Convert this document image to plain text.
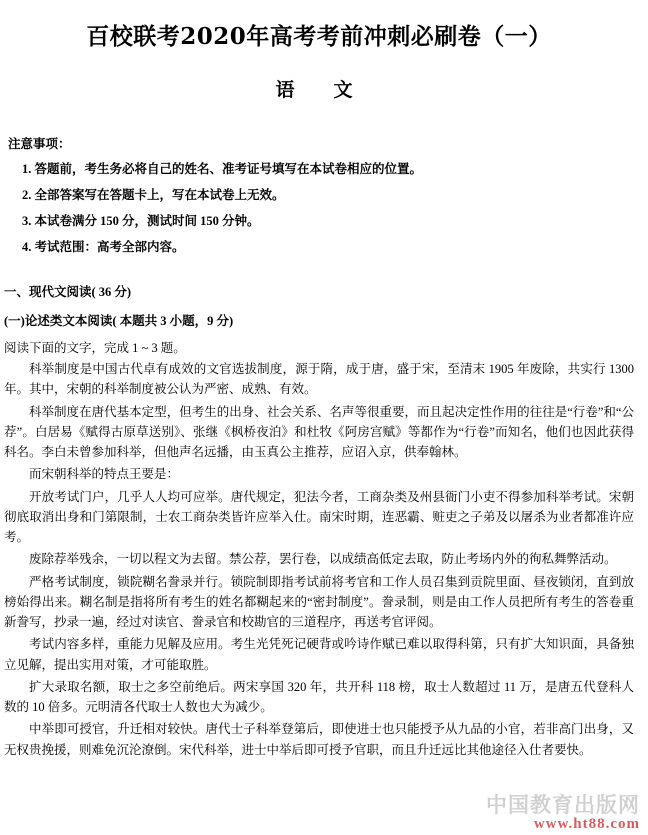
百校联考2020年高考考前冲刺必刷卷（一）
语　文
注意事项：
1. 答题前，考生务必将自己的姓名、准考证号填写在本试卷相应的位置。
2. 全部答案写在答题卡上，写在本试卷上无效。
3. 本试卷满分 150 分，测试时间 150 分钟。
4. 考试范围：高考全部内容。
一、现代文阅读( 36 分)
(一)论述类文本阅读( 本题共 3 小题，9 分)
阅读下面的文字，完成 1 ~ 3 题。

科举制度是中国古代卓有成效的文官选拔制度，源于隋，成于唐，盛于宋，至清末 1905 年废除，共实行 1300 年。其中，宋朝的科举制度被公认为严密、成熟、有效。

科举制度在唐代基本定型，但考生的出身、社会关系、名声等很重要，而且起决定性作用的往往是“行卷”和“公荐”。白居易《赋得古原草送别》、张继《枫桥夜泊》和杜牧《阿房宫赋》等都作为“行卷”而知名，他们也因此获得科名。李白未曾参加科举，但他声名远播，由玉真公主推荐，应诏入京，供奉翰林。

而宋朝科举的特点王要是：

开放考试门户，几乎人人均可应举。唐代规定，犯法今者，工商杂类及州县衙门小吏不得参加科举考试。宋朝彻底取消出身和门第限制，士农工商杂类皆许应举入仕。南宋时期，连恶霸、赃吏之子弟及以屠杀为业者都准许应考。

废除荐举残余，一切以程文为去留。禁公荐，罢行卷，以成绩高低定去取，防止考场内外的徇私舞弊活动。

严格考试制度，锁院糊名誊录并行。锁院制即指考试前将考官和工作人员召集到贡院里面、昼夜锁闭，直到放榜始得出来。糊名制是指将所有考生的姓名都糊起来的“密封制度”。誊录制，则是由工作人员把所有考生的答卷重新誊写，抄录一遍，经过对读官、誊录官和校勘官的三道程序，再送考官评阅。

考试内容多样，重能力见解及应用。考生光凭死记硬背或吟诗作赋已难以取得科第，只有扩大知识面，具备独立见解，提出实用对策，才可能取胜。

扩大录取名额，取士之多空前绝后。两宋享国 320 年，共开科 118 榜，取士人数超过 11 万，是唐五代登科人数的 10 倍多。元明清各代取士人数也大为减少。

中举即可授官，升迁相对较快。唐代士子科举登第后，即使进士也只能授予从九品的小官，若非高门出身，又无权贵挽援，则难免沉沦潦倒。宋代科举，进士中举后即可授予官职，而且升迁远比其他途径入仕者要快。

中国教育出版网
www.ht88.com
